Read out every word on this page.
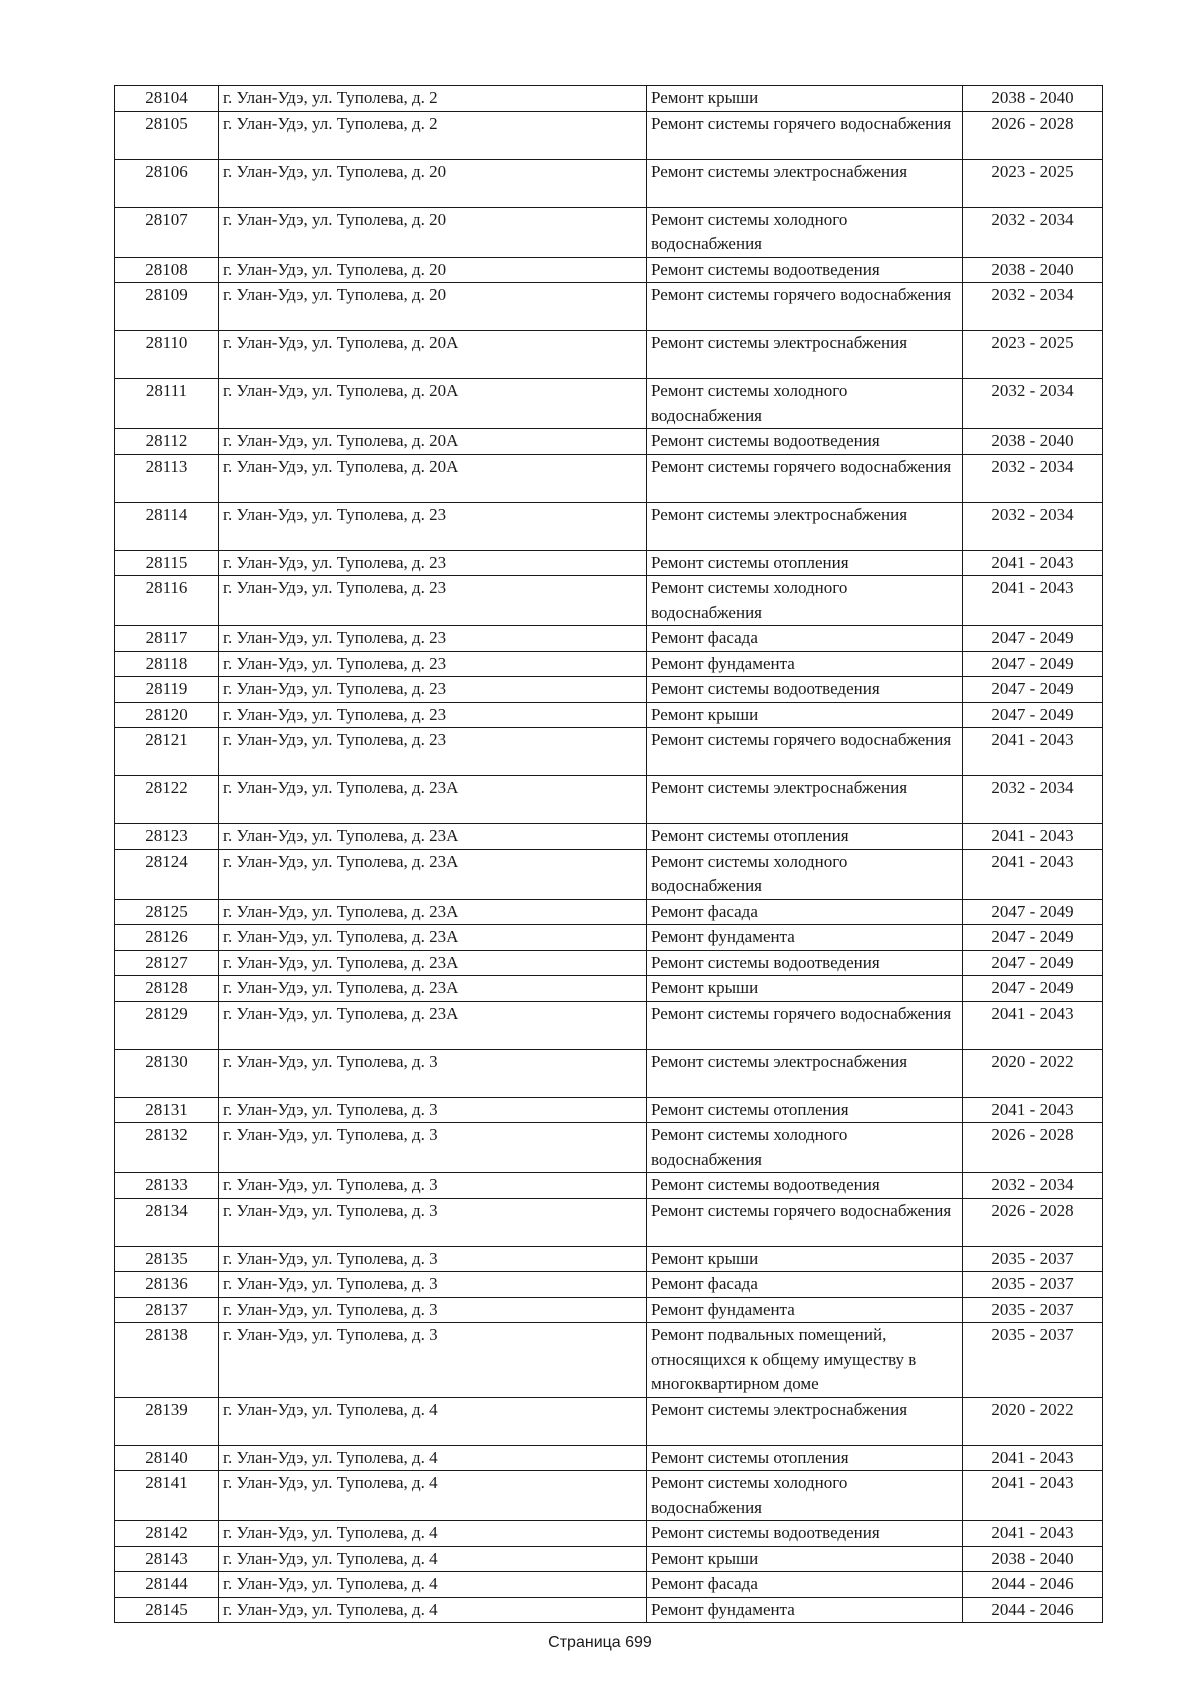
28104	г. Улан-Удэ, ул. Туполева, д. 2	Ремонт крыши	2038 - 2040
28105	г. Улан-Удэ, ул. Туполева, д. 2	Ремонт системы горячего водоснабжения	2026 - 2028
28106	г. Улан-Удэ, ул. Туполева, д. 20	Ремонт системы электроснабжения	2023 - 2025
28107	г. Улан-Удэ, ул. Туполева, д. 20	Ремонт системы холодного водоснабжения	2032 - 2034
28108	г. Улан-Удэ, ул. Туполева, д. 20	Ремонт системы водоотведения	2038 - 2040
28109	г. Улан-Удэ, ул. Туполева, д. 20	Ремонт системы горячего водоснабжения	2032 - 2034
28110	г. Улан-Удэ, ул. Туполева, д. 20А	Ремонт системы электроснабжения	2023 - 2025
28111	г. Улан-Удэ, ул. Туполева, д. 20А	Ремонт системы холодного водоснабжения	2032 - 2034
28112	г. Улан-Удэ, ул. Туполева, д. 20А	Ремонт системы водоотведения	2038 - 2040
28113	г. Улан-Удэ, ул. Туполева, д. 20А	Ремонт системы горячего водоснабжения	2032 - 2034
28114	г. Улан-Удэ, ул. Туполева, д. 23	Ремонт системы электроснабжения	2032 - 2034
28115	г. Улан-Удэ, ул. Туполева, д. 23	Ремонт системы отопления	2041 - 2043
28116	г. Улан-Удэ, ул. Туполева, д. 23	Ремонт системы холодного водоснабжения	2041 - 2043
28117	г. Улан-Удэ, ул. Туполева, д. 23	Ремонт фасада	2047 - 2049
28118	г. Улан-Удэ, ул. Туполева, д. 23	Ремонт фундамента	2047 - 2049
28119	г. Улан-Удэ, ул. Туполева, д. 23	Ремонт системы водоотведения	2047 - 2049
28120	г. Улан-Удэ, ул. Туполева, д. 23	Ремонт крыши	2047 - 2049
28121	г. Улан-Удэ, ул. Туполева, д. 23	Ремонт системы горячего водоснабжения	2041 - 2043
28122	г. Улан-Удэ, ул. Туполева, д. 23А	Ремонт системы электроснабжения	2032 - 2034
28123	г. Улан-Удэ, ул. Туполева, д. 23А	Ремонт системы отопления	2041 - 2043
28124	г. Улан-Удэ, ул. Туполева, д. 23А	Ремонт системы холодного водоснабжения	2041 - 2043
28125	г. Улан-Удэ, ул. Туполева, д. 23А	Ремонт фасада	2047 - 2049
28126	г. Улан-Удэ, ул. Туполева, д. 23А	Ремонт фундамента	2047 - 2049
28127	г. Улан-Удэ, ул. Туполева, д. 23А	Ремонт системы водоотведения	2047 - 2049
28128	г. Улан-Удэ, ул. Туполева, д. 23А	Ремонт крыши	2047 - 2049
28129	г. Улан-Удэ, ул. Туполева, д. 23А	Ремонт системы горячего водоснабжения	2041 - 2043
28130	г. Улан-Удэ, ул. Туполева, д. 3	Ремонт системы электроснабжения	2020 - 2022
28131	г. Улан-Удэ, ул. Туполева, д. 3	Ремонт системы отопления	2041 - 2043
28132	г. Улан-Удэ, ул. Туполева, д. 3	Ремонт системы холодного водоснабжения	2026 - 2028
28133	г. Улан-Удэ, ул. Туполева, д. 3	Ремонт системы водоотведения	2032 - 2034
28134	г. Улан-Удэ, ул. Туполева, д. 3	Ремонт системы горячего водоснабжения	2026 - 2028
28135	г. Улан-Удэ, ул. Туполева, д. 3	Ремонт крыши	2035 - 2037
28136	г. Улан-Удэ, ул. Туполева, д. 3	Ремонт фасада	2035 - 2037
28137	г. Улан-Удэ, ул. Туполева, д. 3	Ремонт фундамента	2035 - 2037
28138	г. Улан-Удэ, ул. Туполева, д. 3	Ремонт подвальных помещений, относящихся к общему имуществу в многоквартирном доме	2035 - 2037
28139	г. Улан-Удэ, ул. Туполева, д. 4	Ремонт системы электроснабжения	2020 - 2022
28140	г. Улан-Удэ, ул. Туполева, д. 4	Ремонт системы отопления	2041 - 2043
28141	г. Улан-Удэ, ул. Туполева, д. 4	Ремонт системы холодного водоснабжения	2041 - 2043
28142	г. Улан-Удэ, ул. Туполева, д. 4	Ремонт системы водоотведения	2041 - 2043
28143	г. Улан-Удэ, ул. Туполева, д. 4	Ремонт крыши	2038 - 2040
28144	г. Улан-Удэ, ул. Туполева, д. 4	Ремонт фасада	2044 - 2046
28145	г. Улан-Удэ, ул. Туполева, д. 4	Ремонт фундамента	2044 - 2046
Страница 699
